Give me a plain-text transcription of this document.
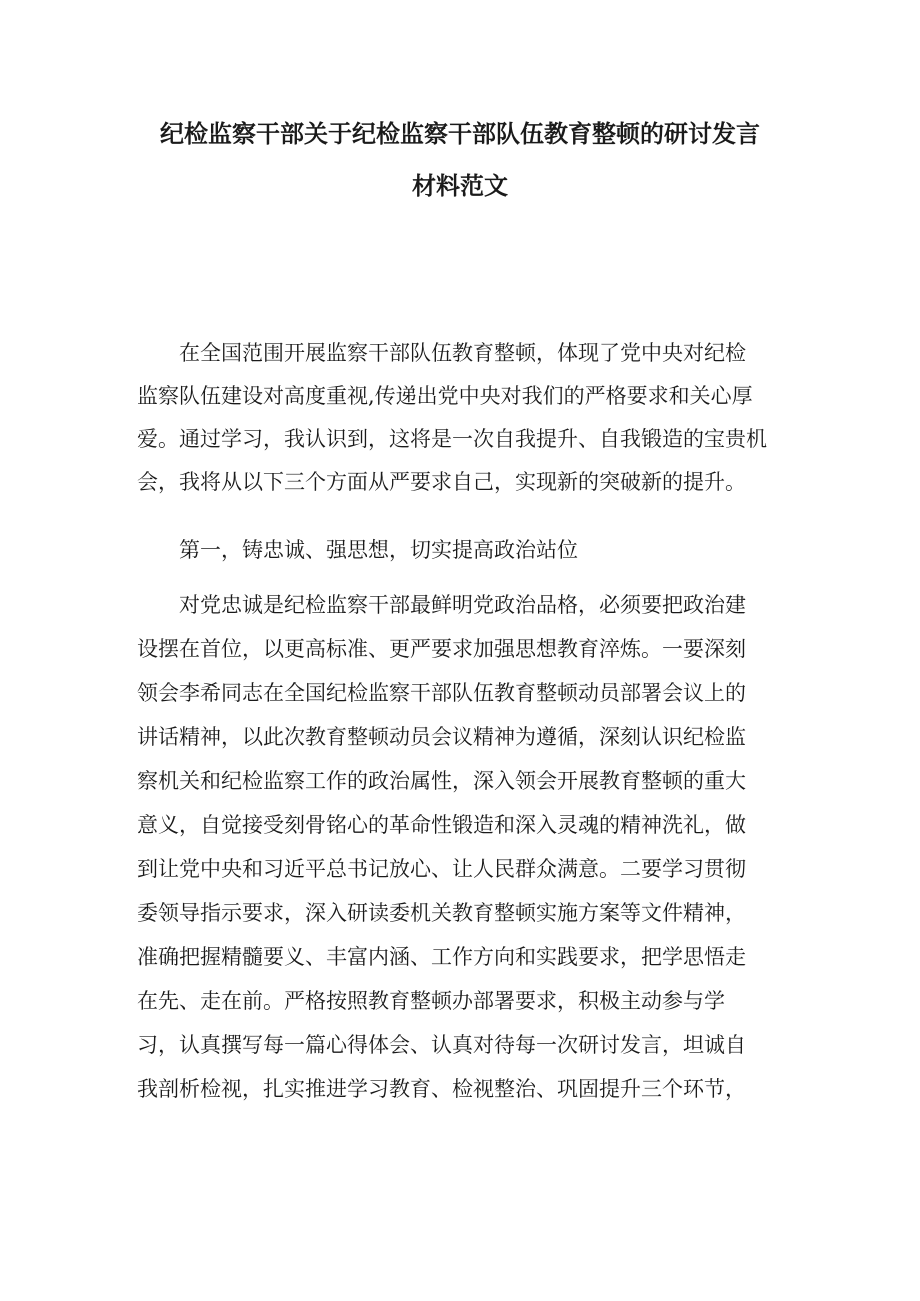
纪检监察干部关于纪检监察干部队伍教育整顿的研讨发言
材料范文
在全国范围开展监察干部队伍教育整顿，体现了党中央对纪检
监察队伍建设对高度重视,传递出党中央对我们的严格要求和关心厚
爱。通过学习，我认识到，这将是一次自我提升、自我锻造的宝贵机
会，我将从以下三个方面从严要求自己，实现新的突破新的提升。
第一，铸忠诚、强思想，切实提高政治站位
对党忠诚是纪检监察干部最鲜明党政治品格，必须要把政治建
设摆在首位，以更高标准、更严要求加强思想教育淬炼。一要深刻
领会李希同志在全国纪检监察干部队伍教育整顿动员部署会议上的
讲话精神，以此次教育整顿动员会议精神为遵循，深刻认识纪检监
察机关和纪检监察工作的政治属性，深入领会开展教育整顿的重大
意义，自觉接受刻骨铭心的革命性锻造和深入灵魂的精神洗礼，做
到让党中央和习近平总书记放心、让人民群众满意。二要学习贯彻
委领导指示要求，深入研读委机关教育整顿实施方案等文件精神，
准确把握精髓要义、丰富内涵、工作方向和实践要求，把学思悟走
在先、走在前。严格按照教育整顿办部署要求，积极主动参与学
习，认真撰写每一篇心得体会、认真对待每一次研讨发言，坦诚自
我剖析检视，扎实推进学习教育、检视整治、巩固提升三个环节，
